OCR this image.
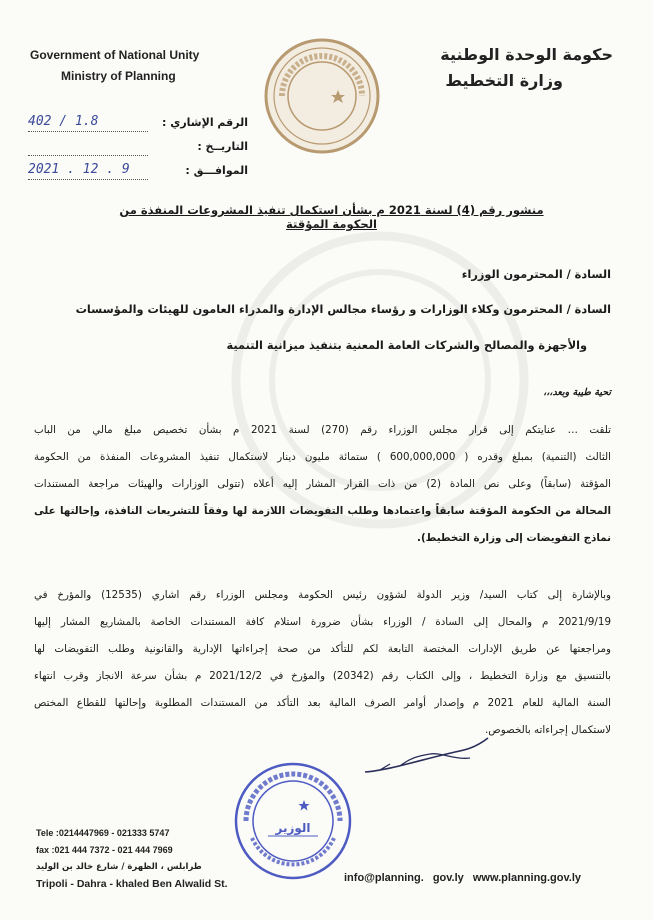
Government of National Unity
Ministry of Planning
حكومة الوحدة الوطنية
وزارة التخطيط
402 / 1.8	الرقم الإشاري :
التاريــخ :
2021 . 12 . 9	الموافـــق :
منشور رقم (4) لسنة 2021 م بشأن استكمال تنفيذ المشروعات المنفذة من الحكومة المؤقتة
السادة / المحترمون الوزراء
السادة / المحترمون وكلاء الوزارات و رؤساء مجالس الإدارة والمدراء العامون للهيئات والمؤسسات
والأجهزة والمصالح والشركات العامة المعنية بتنفيذ ميزانية التنمية
تحية طيبة وبعد،،،
تلقت … عنايتكم إلى قرار مجلس الوزراء رقم (270) لسنة 2021 م بشأن تخصيص مبلغ مالي من الباب
الثالث (التنمية) بمبلغ وقدره ( 600,000,000 ) ستمائة مليون دينار لاستكمال تنفيذ المشروعات المنفذة من الحكومة
المؤقتة (سابقاً) وعلى نص المادة (2) من ذات القرار المشار إليه أعلاه (تتولى الوزارات والهيئات مراجعة المستندات
المحالة من الحكومة المؤقتة سابقاً واعتمادها وطلب التفويضات اللازمة لها وفقاً للتشريعات النافذة، وإحالتها على
نماذج التفويضات إلى وزارة التخطيط).
وبالإشارة إلى كتاب السيد/ وزير الدولة لشؤون رئيس الحكومة ومجلس الوزراء رقم اشاري (12535) والمؤرخ في
2021/9/19 م والمحال إلى السادة / الوزراء بشأن ضرورة استلام كافة المستندات الخاصة بالمشاريع المشار إليها
ومراجعتها عن طريق الإدارات المختصة التابعة لكم للتأكد من صحة إجراءاتها الإدارية والقانونية وطلب التفويضات لها
بالتنسيق مع وزارة التخطيط ، وإلى الكتاب رقم (20342) والمؤرخ في 2021/12/2 م بشأن سرعة الانجاز وقرب انتهاء
السنة المالية للعام 2021 م وإصدار أوامر الصرف المالية بعد التأكد من المستندات المطلوبة وإحالتها للقطاع المختص
لاستكمال إجراءاته بالخصوص.
الوزير
Tele :0214447969 - 021333 5747
fax :021 444 7372 - 021 444 7969
طرابلس ، الظهرة / شارع خالد بن الوليد
Tripoli - Dahra - khaled Ben Alwalid St.	info@planning. gov.ly www.planning.gov.ly
